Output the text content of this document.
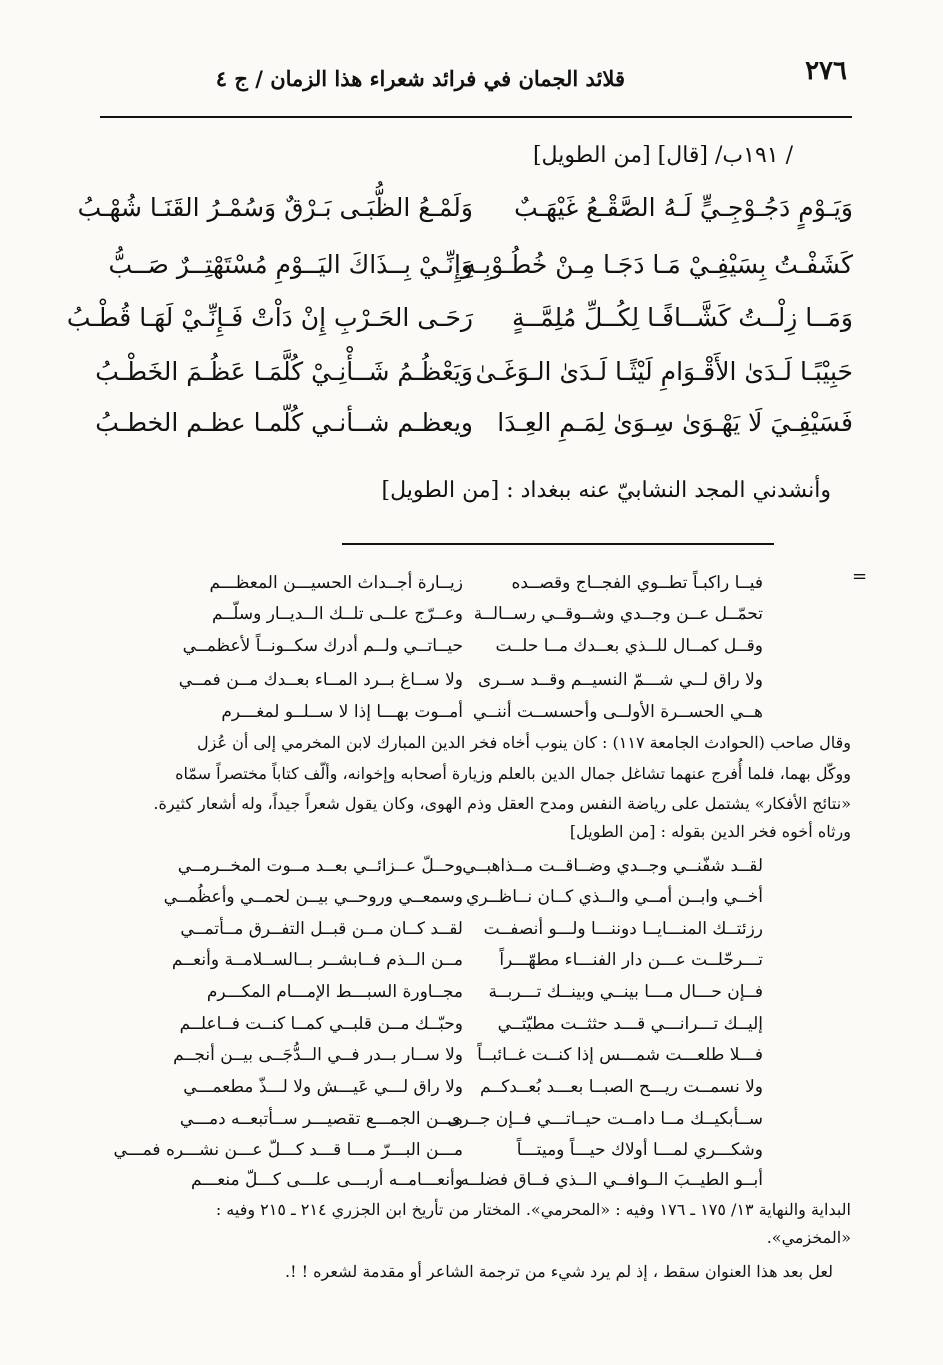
٢٧٦
قلائد الجمان في فرائد شعراء هذا الزمان / ج ٤
/ ١٩١ب/ [قال] [من الطويل]
وَيَـوْمٍ دَجُـوْجِـيٍّ لَـهُ الصَّقْـعُ غَيْهَـبٌ
وَلَمْـعُ الظُّبَـى بَـرْقٌ وَسُمْـرُ القَنَـا شُهْـبُ
كَشَفْـتُ بِسَيْفِـيْ مَـا دَجَـا مِـنْ خُطُـوْبِـهِ
وَإِنِّـيْ بِــذَاكَ اليَــوْمِ مُسْتَهْتِــرٌ صَــبُّ
وَمَــا زِلْــتُ كَشَّــافًـا لِكُــلِّ مُلِمَّــةٍ
رَحَـى الحَـرْبِ إِنْ دَاْتْ فَـإِنِّـيْ لَهَـا قُطْـبُ
حَبِيْبًـا لَـدَىٰ الأَقْـوَامِ لَيْثًـا لَـدَىٰ الـوَغَـىٰ
وَيَعْظُـمُ شَــأْنِـيْ كُلَّمَـا عَظُـمَ الخَطْـبُ
فَسَيْفِـيَ لَا يَهْـوَىٰ سِـوَىٰ لِمَـمِ العِـدَا
ويعظـم شــأنـي كُلّمـا عظـم الخطـبُ
وأنشدني المجد النشابيّ عنه ببغداد : [من الطويل]
=
فيــا راكبـاً تطــوي الفجــاج وقصــده
زيــارة أجــداث الحسيـــن المعظـــم
تحمّــل عــن وجــدي وشــوقــي رســالــة
وعــرّج علــى تلــك الــديــار وسلّــم
وقــل كمــال للــذي بعــدك مــا حلــت
حيــاتــي ولــم أدرك سكــونــاً لأعظمــي
ولا راق لــي شـــمّ النسيــم وقــد ســرى
ولا ســاغ بــرد المــاء بعــدك مــن فمــي
هــي الحســرة الأولــى وأحسســت أننــي
أمــوت بهـــا إذا لا ســلــو لمغـــرم
وقال صاحب (الحوادث الجامعة ١١٧) : كان ينوب أخاه فخر الدين المبارك لابن المخرمي إلى أن عُزل
ووكّل بهما، فلما أُفرج عنهما تشاغل جمال الدين بالعلم وزيارة أصحابه وإخوانه، وألّف كتاباً مختصراً سمّاه
«نتائج الأفكار» يشتمل على رياضة النفس ومدح العقل وذم الهوى، وكان يقول شعراً جيداً، وله أشعار كثيرة.
ورثاه أخوه فخر الدين بقوله : [من الطويل]
لقــد شفّنــي وجــدي وضــاقــت مــذاهبــي
وحــلّ عــزائــي بعــد مــوت المخــرمــي
أخــي وابــن أمــي والــذي كــان نــاظــري
وسمعــي وروحــي بيــن لحمــي وأعظُمــي
رزئتــك المنـــايــا دوننـــا ولـــو أنصفــت
لقــد كــان مــن قبــل التفــرق مــأتمــي
تـــرحّلــت عـــن دار الفنـــاء مطهّـــراً
مــن الــذم فــابشــر بــالســلامــة وأنعــم
فــإن حـــال مـــا بينــي وبينــك تـــربــة
مجــاورة السبـــط الإمـــام المكـــرم
إليــك تـــرانـــي قـــد حثثــت مطيّتــي
وحبّــك مــن قلبــي كمــا كنــت فــاعلــم
فـــلا طلعـــت شمـــس إذا كنــت غــائبــاً
ولا ســار بــدر فــي الــدُّجَــى بيــن أنجــم
ولا نسمــت ريـــح الصبــا بعـــد بُعــدكــم
ولا راق لـــي عَيـــش ولا لـــذّ مطعمـــي
ســأبكيــك مــا دامــت حيــاتـــي فــإن جــرى
مـــن الجمـــع تقصيـــر ســأتبعــه دمـــي
وشكـــري لمـــا أولاك حيـــاً وميتـــاً
مـــن البـــرّ مـــا قـــد كـــلّ عـــن نشـــره فمـــي
أبــو الطيــبَ الــوافــي الــذي فــاق فضلــه
وأنعـــامــه أربـــى علـــى كـــلّ منعـــم
البداية والنهاية ١٣/ ١٧٥ ـ ١٧٦ وفيه : «المحرمي». المختار من تأريخ ابن الجزري ٢١٤ ـ ٢١٥ وفيه :
«المخزمي».
لعل بعد هذا العنوان سقط ، إذ لم يرد شيء من ترجمة الشاعر أو مقدمة لشعره ! !.
